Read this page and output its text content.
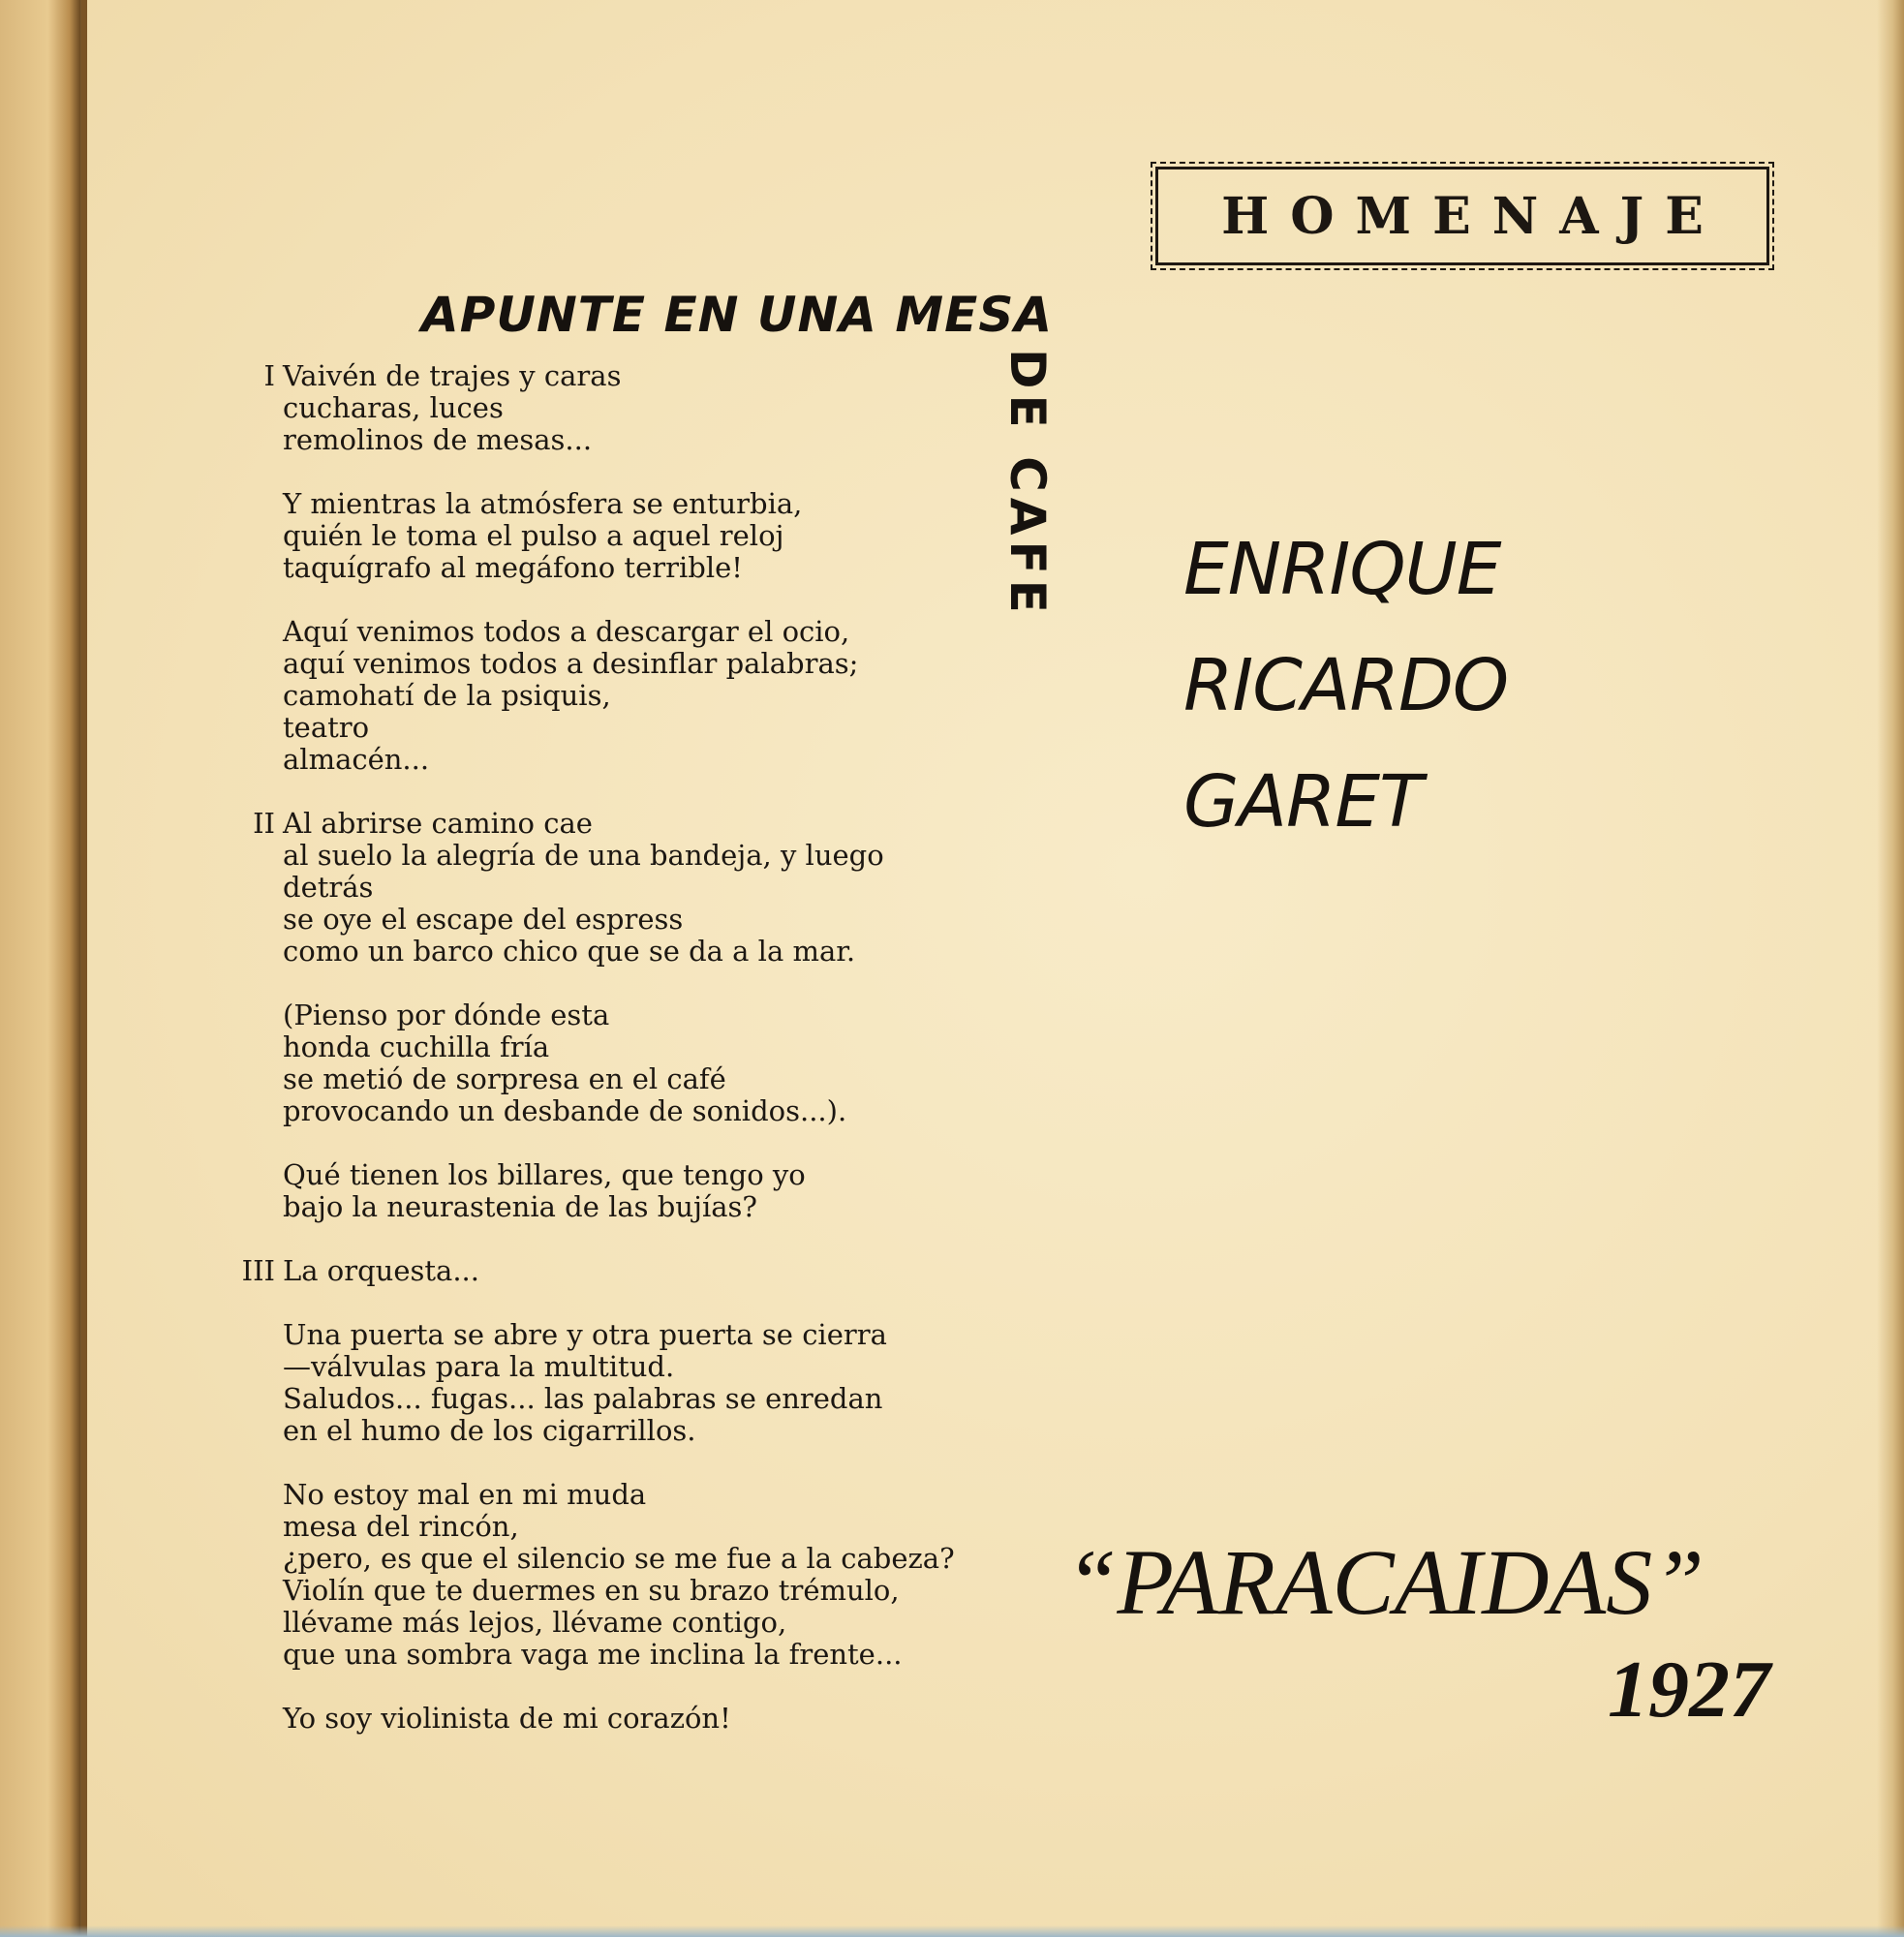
HOMENAJE
APUNTE EN UNA MESA
DE CAFE
I Vaivén de trajes y caras
cucharas, luces
remolinos de mesas...
Y mientras la atmósfera se enturbia,
quién le toma el pulso a aquel reloj
taquígrafo al megáfono terrible!
Aquí venimos todos a descargar el ocio,
aquí venimos todos a desinflar palabras;
camohatí de la psiquis,
teatro
almacén...
II Al abrirse camino cae
al suelo la alegría de una bandeja, y luego
detrás
se oye el escape del espress
como un barco chico que se da a la mar.
(Pienso por dónde esta
honda cuchilla fría
se metió de sorpresa en el café
provocando un desbande de sonidos...).
Qué tienen los billares, que tengo yo
bajo la neurastenia de las bujías?
III La orquesta...
Una puerta se abre y otra puerta se cierra
—válvulas para la multitud.
Saludos... fugas... las palabras se enredan
en el humo de los cigarrillos.
No estoy mal en mi muda
mesa del rincón,
¿pero, es que el silencio se me fue a la cabeza?
Violín que te duermes en su brazo trémulo,
llévame más lejos, llévame contigo,
que una sombra vaga me inclina la frente...
Yo soy violinista de mi corazón!
ENRIQUE
RICARDO
GARET
“PARACAIDAS”
1927
